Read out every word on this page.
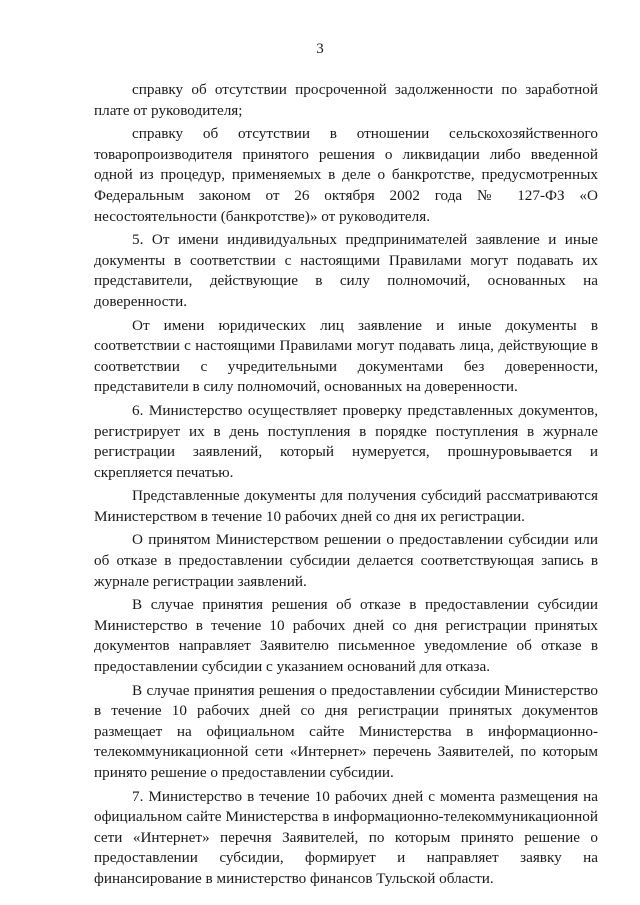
3

справку об отсутствии просроченной задолженности по заработной плате от руководителя;

справку об отсутствии в отношении сельскохозяйственного товаропроизводителя принятого решения о ликвидации либо введенной одной из процедур, применяемых в деле о банкротстве, предусмотренных Федеральным законом от 26 октября 2002 года № 127-ФЗ «О несостоятельности (банкротстве)» от руководителя.

5. От имени индивидуальных предпринимателей заявление и иные документы в соответствии с настоящими Правилами могут подавать их представители, действующие в силу полномочий, основанных на доверенности.

От имени юридических лиц заявление и иные документы в соответствии с настоящими Правилами могут подавать лица, действующие в соответствии с учредительными документами без доверенности, представители в силу полномочий, основанных на доверенности.

6. Министерство осуществляет проверку представленных документов, регистрирует их в день поступления в порядке поступления в журнале регистрации заявлений, который нумеруется, прошнуровывается и скрепляется печатью.

Представленные документы для получения субсидий рассматриваются Министерством в течение 10 рабочих дней со дня их регистрации.

О принятом Министерством решении о предоставлении субсидии или об отказе в предоставлении субсидии делается соответствующая запись в журнале регистрации заявлений.

В случае принятия решения об отказе в предоставлении субсидии Министерство в течение 10 рабочих дней со дня регистрации принятых документов направляет Заявителю письменное уведомление об отказе в предоставлении субсидии с указанием оснований для отказа.

В случае принятия решения о предоставлении субсидии Министерство в течение 10 рабочих дней со дня регистрации принятых документов размещает на официальном сайте Министерства в информационно-телекоммуникационной сети «Интернет» перечень Заявителей, по которым принято решение о предоставлении субсидии.

7. Министерство в течение 10 рабочих дней с момента размещения на официальном сайте Министерства в информационно-телекоммуникационной сети «Интернет» перечня Заявителей, по которым принято решение о предоставлении субсидии, формирует и направляет заявку на финансирование в министерство финансов Тульской области.
